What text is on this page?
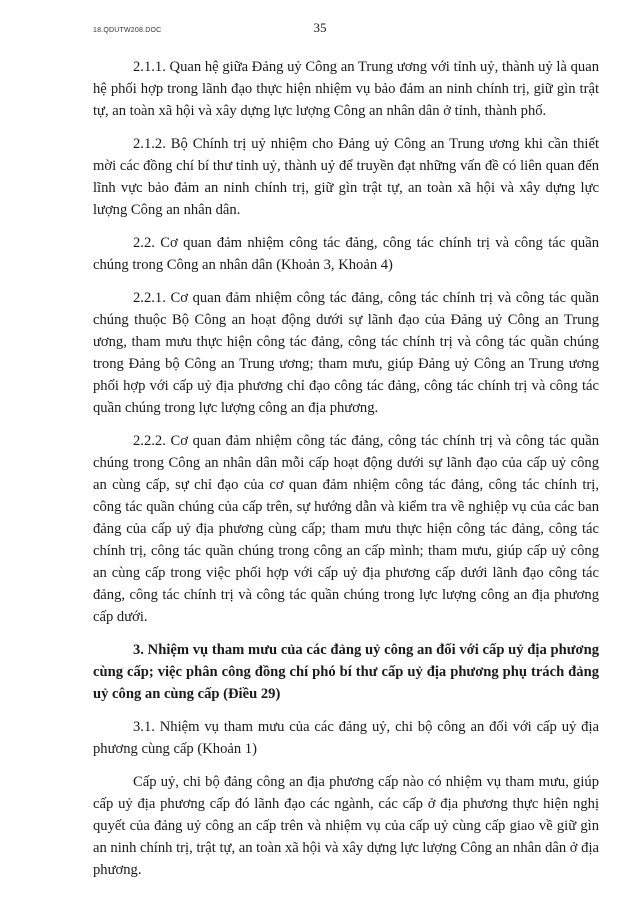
18.QDUTW208.DOC	35

2.1.1. Quan hệ giữa Đảng uỷ Công an Trung ương với tỉnh uỷ, thành uỷ là quan hệ phối hợp trong lãnh đạo thực hiện nhiệm vụ bảo đảm an ninh chính trị, giữ gìn trật tự, an toàn xã hội và xây dựng lực lượng Công an nhân dân ở tỉnh, thành phố.

2.1.2. Bộ Chính trị uỷ nhiệm cho Đảng uỷ Công an Trung ương khi cần thiết mời các đồng chí bí thư tỉnh uỷ, thành uỷ để truyền đạt những vấn đề có liên quan đến lĩnh vực bảo đảm an ninh chính trị, giữ gìn trật tự, an toàn xã hội và xây dựng lực lượng Công an nhân dân.

2.2. Cơ quan đảm nhiệm công tác đảng, công tác chính trị và công tác quần chúng trong Công an nhân dân (Khoản 3, Khoản 4)

2.2.1. Cơ quan đảm nhiệm công tác đảng, công tác chính trị và công tác quần chúng thuộc Bộ Công an hoạt động dưới sự lãnh đạo của Đảng uỷ Công an Trung ương, tham mưu thực hiện công tác đảng, công tác chính trị và công tác quần chúng trong Đảng bộ Công an Trung ương; tham mưu, giúp Đảng uỷ Công an Trung ương phối hợp với cấp uỷ địa phương chỉ đạo công tác đảng, công tác chính trị và công tác quần chúng trong lực lượng công an địa phương.

2.2.2. Cơ quan đảm nhiệm công tác đảng, công tác chính trị và công tác quần chúng trong Công an nhân dân mỗi cấp hoạt động dưới sự lãnh đạo của cấp uỷ công an cùng cấp, sự chỉ đạo của cơ quan đảm nhiệm công tác đảng, công tác chính trị, công tác quần chúng của cấp trên, sự hướng dẫn và kiểm tra về nghiệp vụ của các ban đảng của cấp uỷ địa phương cùng cấp; tham mưu thực hiện công tác đảng, công tác chính trị, công tác quần chúng trong công an cấp mình; tham mưu, giúp cấp uỷ công an cùng cấp trong việc phối hợp với cấp uỷ địa phương cấp dưới lãnh đạo công tác đảng, công tác chính trị và công tác quần chúng trong lực lượng công an địa phương cấp dưới.

3. Nhiệm vụ tham mưu của các đảng uỷ công an đối với cấp uỷ địa phương cùng cấp; việc phân công đồng chí phó bí thư cấp uỷ địa phương phụ trách đảng uỷ công an cùng cấp (Điều 29)

3.1. Nhiệm vụ tham mưu của các đảng uỷ, chi bộ công an đối với cấp uỷ địa phương cùng cấp (Khoản 1)

Cấp uỷ, chi bộ đảng công an địa phương cấp nào có nhiệm vụ tham mưu, giúp cấp uỷ địa phương cấp đó lãnh đạo các ngành, các cấp ở địa phương thực hiện nghị quyết của đảng uỷ công an cấp trên và nhiệm vụ của cấp uỷ cùng cấp giao về giữ gìn an ninh chính trị, trật tự, an toàn xã hội và xây dựng lực lượng Công an nhân dân ở địa phương.
